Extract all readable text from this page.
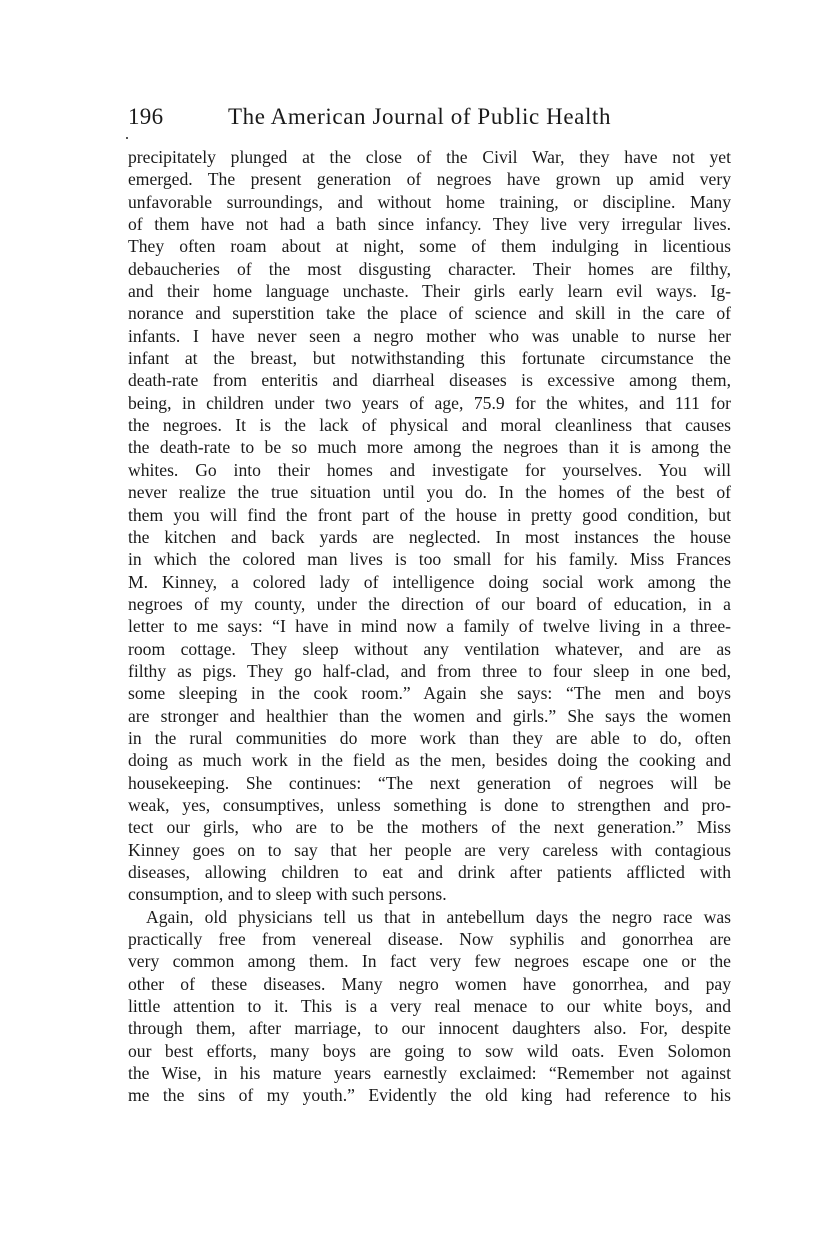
196	The American Journal of Public Health
precipitately plunged at the close of the Civil War, they have not yet
emerged. The present generation of negroes have grown up amid very
unfavorable surroundings, and without home training, or discipline. Many
of them have not had a bath since infancy. They live very irregular lives.
They often roam about at night, some of them indulging in licentious
debaucheries of the most disgusting character. Their homes are filthy,
and their home language unchaste. Their girls early learn evil ways. Ig-
norance and superstition take the place of science and skill in the care of
infants. I have never seen a negro mother who was unable to nurse her
infant at the breast, but notwithstanding this fortunate circumstance the
death-rate from enteritis and diarrheal diseases is excessive among them,
being, in children under two years of age, 75.9 for the whites, and 111 for
the negroes. It is the lack of physical and moral cleanliness that causes
the death-rate to be so much more among the negroes than it is among the
whites. Go into their homes and investigate for yourselves. You will
never realize the true situation until you do. In the homes of the best of
them you will find the front part of the house in pretty good condition, but
the kitchen and back yards are neglected. In most instances the house
in which the colored man lives is too small for his family. Miss Frances
M. Kinney, a colored lady of intelligence doing social work among the
negroes of my county, under the direction of our board of education, in a
letter to me says: “I have in mind now a family of twelve living in a three-
room cottage. They sleep without any ventilation whatever, and are as
filthy as pigs. They go half-clad, and from three to four sleep in one bed,
some sleeping in the cook room.” Again she says: “The men and boys
are stronger and healthier than the women and girls.” She says the women
in the rural communities do more work than they are able to do, often
doing as much work in the field as the men, besides doing the cooking and
housekeeping. She continues: “The next generation of negroes will be
weak, yes, consumptives, unless something is done to strengthen and pro-
tect our girls, who are to be the mothers of the next generation.” Miss
Kinney goes on to say that her people are very careless with contagious
diseases, allowing children to eat and drink after patients afflicted with
consumption, and to sleep with such persons.
Again, old physicians tell us that in antebellum days the negro race was
practically free from venereal disease. Now syphilis and gonorrhea are
very common among them. In fact very few negroes escape one or the
other of these diseases. Many negro women have gonorrhea, and pay
little attention to it. This is a very real menace to our white boys, and
through them, after marriage, to our innocent daughters also. For, despite
our best efforts, many boys are going to sow wild oats. Even Solomon
the Wise, in his mature years earnestly exclaimed: “Remember not against
me the sins of my youth.” Evidently the old king had reference to his
